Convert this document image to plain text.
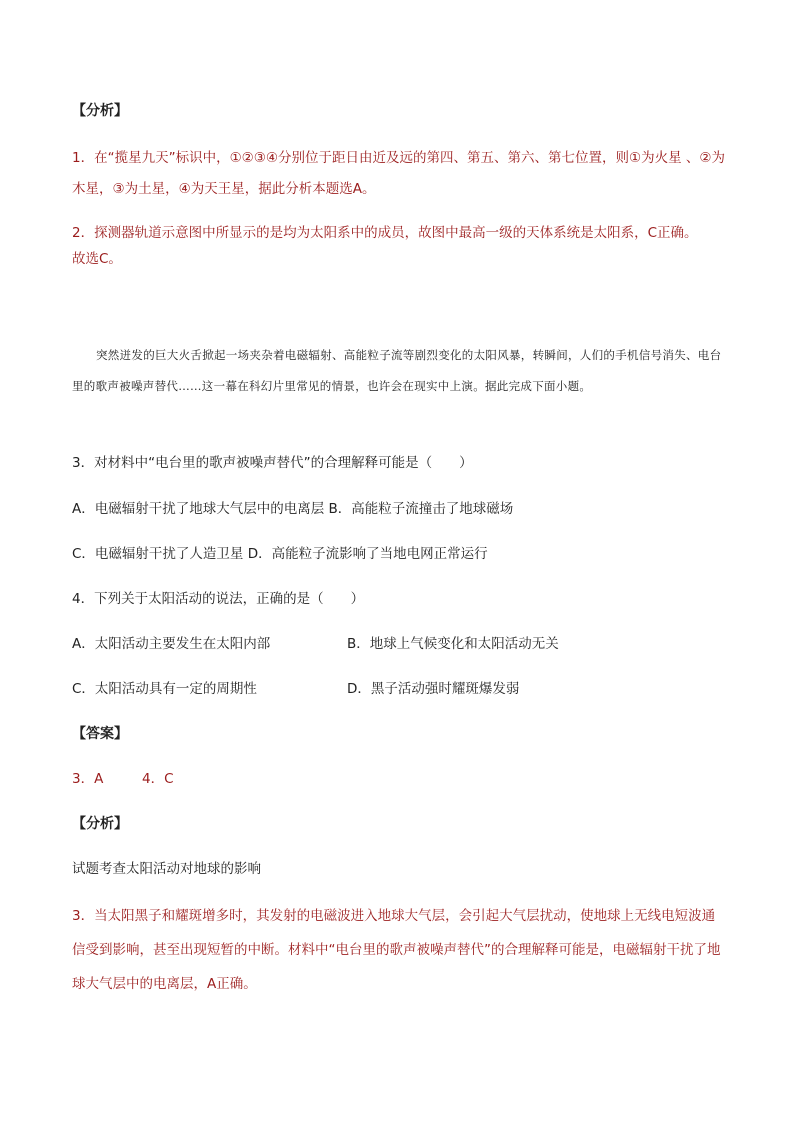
【分析】

1．在“揽星九天”标识中，①②③④分别位于距日由近及远的第四、第五、第六、第七位置，则①为火星 、②为木星，③为土星，④为天王星，据此分析本题选A。

2．探测器轨道示意图中所显示的是均为太阳系中的成员，故图中最高一级的天体系统是太阳系，C正确。

故选C。

突然迸发的巨大火舌掀起一场夹杂着电磁辐射、高能粒子流等剧烈变化的太阳风暴，转瞬间，人们的手机信号消失、电台里的歌声被噪声替代……这一幕在科幻片里常见的情景，也许会在现实中上演。据此完成下面小题。

3．对材料中“电台里的歌声被噪声替代”的合理解释可能是（　　）

A．电磁辐射干扰了地球大气层中的电离层 B．高能粒子流撞击了地球磁场

C．电磁辐射干扰了人造卫星 D．高能粒子流影响了当地电网正常运行

4．下列关于太阳活动的说法，正确的是（　　）

A．太阳活动主要发生在太阳内部	B．地球上气候变化和太阳活动无关

C．太阳活动具有一定的周期性	D．黑子活动强时耀斑爆发弱

【答案】

3．A	4．C

【分析】

试题考查太阳活动对地球的影响

3．当太阳黑子和耀斑增多时，其发射的电磁波进入地球大气层，会引起大气层扰动，使地球上无线电短波通信受到影响，甚至出现短暂的中断。材料中“电台里的歌声被噪声替代”的合理解释可能是，电磁辐射干扰了地球大气层中的电离层，A正确。
